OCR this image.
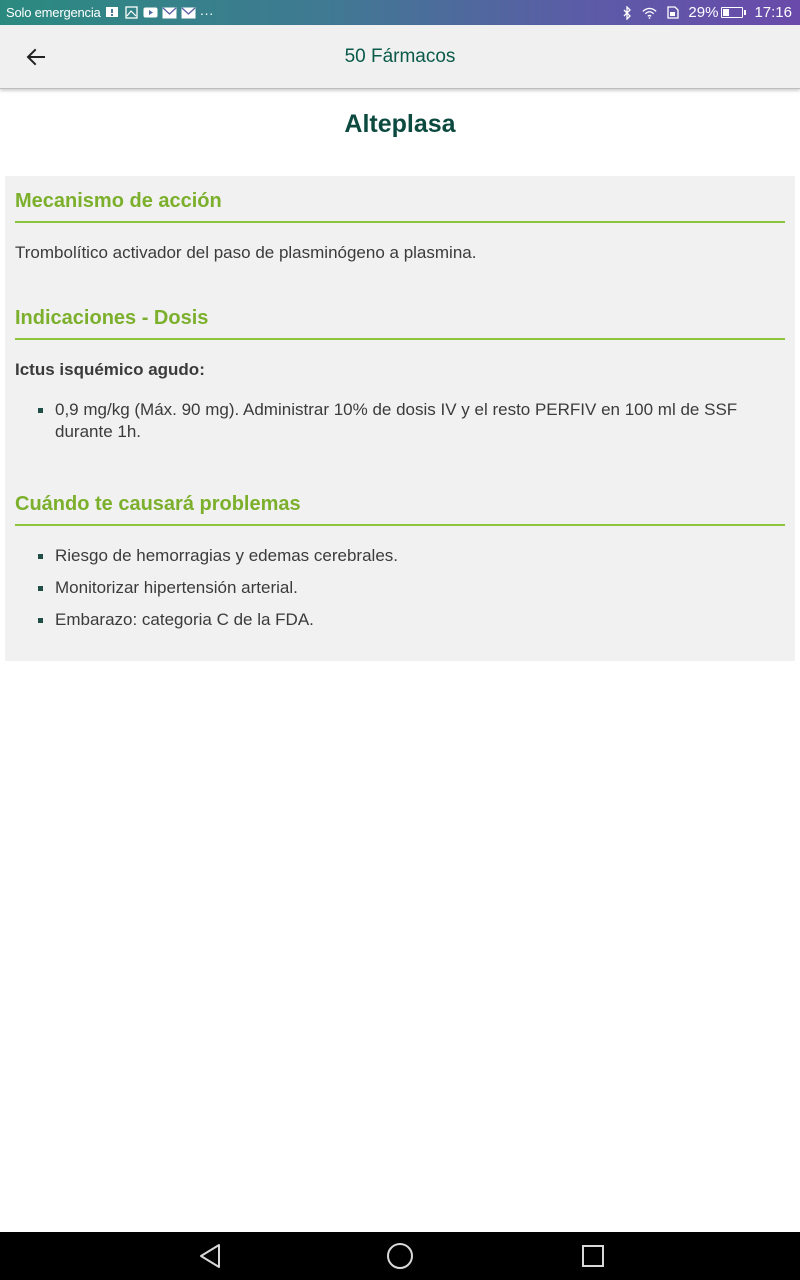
Solo emergencia	···	29% 17:16
50 Fármacos
Alteplasa
Mecanismo de acción

Trombolítico activador del paso de plasminógeno a plasmina.

Indicaciones - Dosis

Ictus isquémico agudo:

0,9 mg/kg (Máx. 90 mg). Administrar 10% de dosis IV y el resto PERFIV en 100 ml de SSF durante 1h.
Cuándo te causará problemas
Riesgo de hemorragias y edemas cerebrales.
Monitorizar hipertensión arterial.
Embarazo: categoria C de la FDA.
